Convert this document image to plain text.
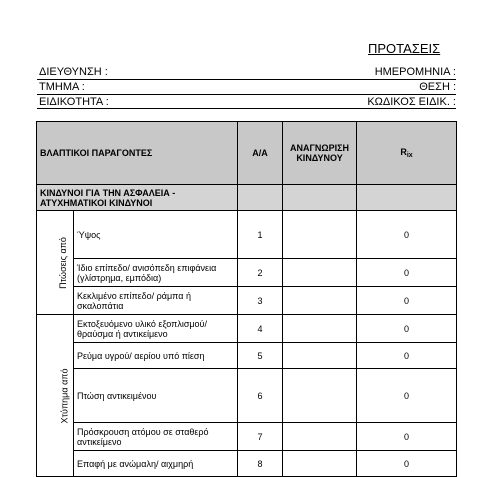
ΠΡΟΤΑΣΕΙΣ
ΔΙΕΥΘΥΝΣΗ :
ΤΜΗΜΑ :
ΕΙΔΙΚΟΤΗΤΑ :
ΗΜΕΡΟΜΗΝΙΑ :
ΘΕΣΗ :
ΚΩΔΙΚΟΣ ΕΙΔΙΚ. :
ΒΛΑΠΤΙΚΟΙ ΠΑΡΑΓΟΝΤΕΣ		Α/Α	ΑΝΑΓΝΩΡΙΣΗ ΚΙΝΔΥΝΟΥ	$R_{ix}$
ΚΙΝΔΥΝΟΙ ΓΙΑ ΤΗΝ ΑΣΦΑΛΕΙΑ - ΑΤΥΧΗΜΑΤΙΚΟΙ ΚΙΝΔΥΝΟΙ				
Πτώσεις από	Ύψος	1		0
	Ίδιο επίπεδο/ ανισόπεδη επιφάνεια (γλίστρημα, εμπόδια)	2		0
	Κεκλιμένο επίπεδο/ ράμπα ή σκαλοπάτια	3		0
Χτύπημα από	Εκτοξευόμενο υλικό εξοπλισμού/ θραύσμα ή αντικείμενο	4		0
	Ρεύμα υγρού/ αερίου υπό πίεση	5		0
	Πτώση αντικειμένου	6		0
	Πρόσκρουση ατόμου σε σταθερό αντικείμενο	7		0
	Επαφή με ανώμαλη/ αιχμηρή	8		0
